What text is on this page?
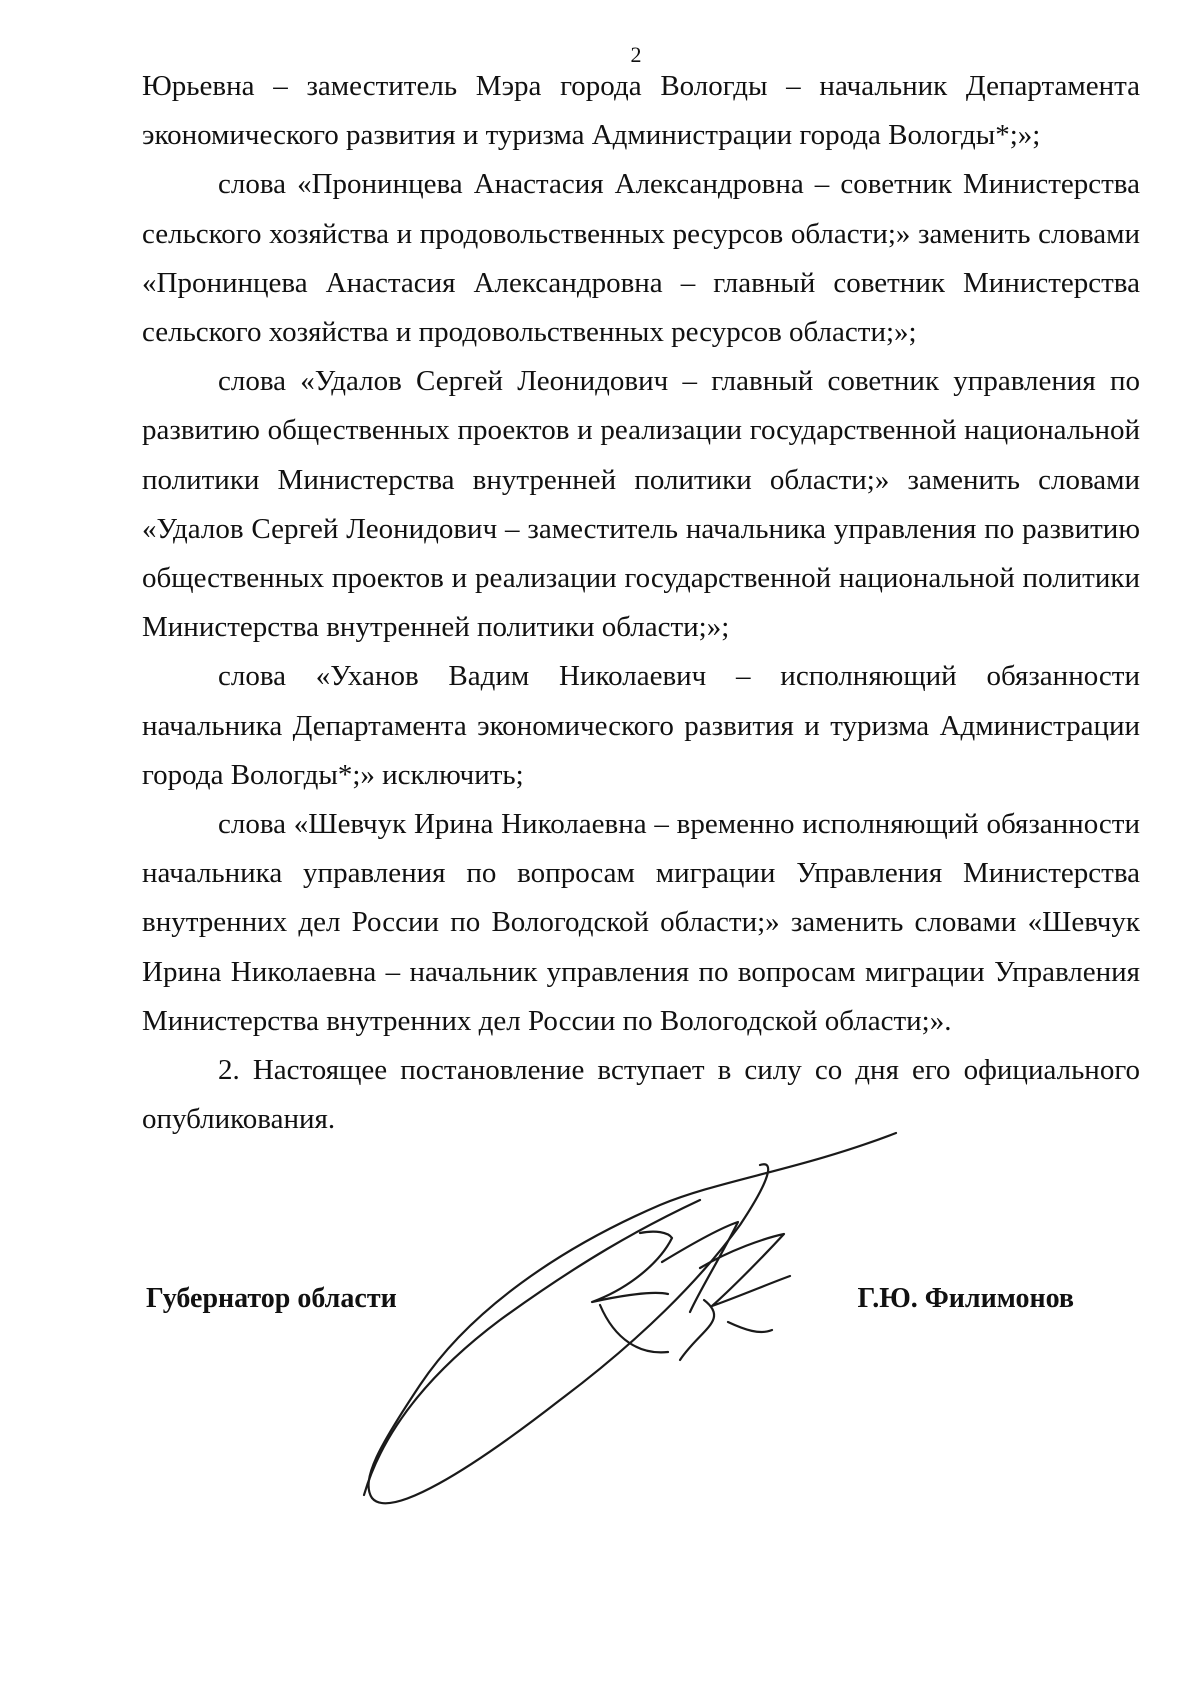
2

Юрьевна – заместитель Мэра города Вологды – начальник Департамента экономического развития и туризма Администрации города Вологды*;»;

слова «Прoнинцева Анастасия Александровна – советник Министерства сельского хозяйства и продовольственных ресурсов области;» заменить словами «Прoнинцева Анастасия Александровна – главный советник Министерства сельского хозяйства и продовольственных ресурсов области;»;

слова «Удалов Сергей Леонидович – главный советник управления по развитию общественных проектов и реализации государственной национальной политики Министерства внутренней политики области;» заменить словами «Удалов Сергей Леонидович – заместитель начальника управления по развитию общественных проектов и реализации государственной национальной политики Министерства внутренней политики области;»;

слова «Уханов Вадим Николаевич – исполняющий обязанности начальника Департамента экономического развития и туризма Администрации города Вологды*;» исключить;

слова «Шевчук Ирина Николаевна – временно исполняющий обязанности начальника управления по вопросам миграции Управления Министерства внутренних дел России по Вологодской области;» заменить словами «Шевчук Ирина Николаевна – начальник управления по вопросам миграции Управления Министерства внутренних дел России по Вологодской области;».

2. Настоящее постановление вступает в силу со дня его официального опубликования.

Губернатор области	Г.Ю. Филимонов
